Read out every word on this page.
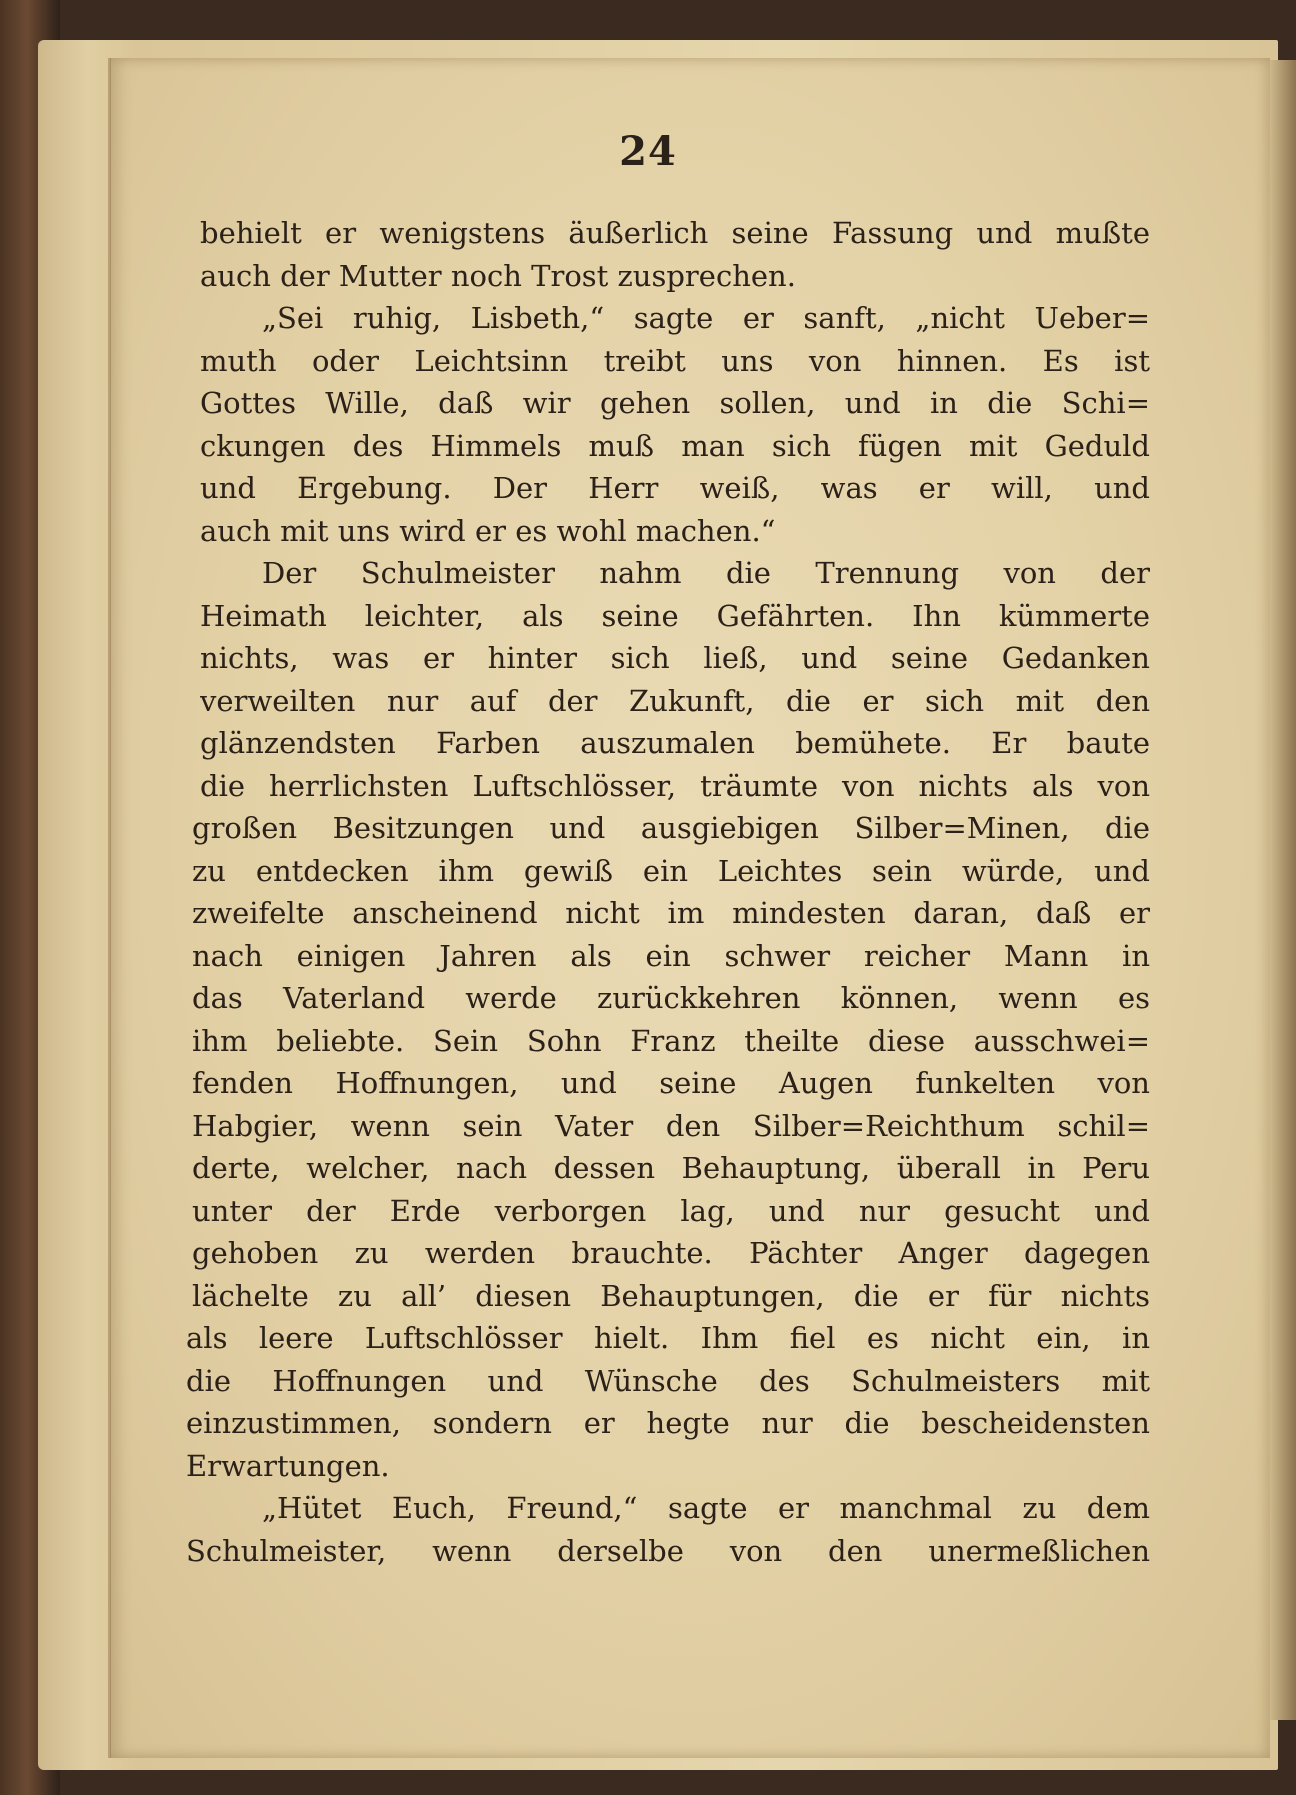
24
behielt er wenigstens äußerlich seine Fassung und mußte
auch der Mutter noch Trost zusprechen.
„Sei ruhig, Lisbeth,“ sagte er sanft, „nicht Ueber=
muth oder Leichtsinn treibt uns von hinnen. Es ist
Gottes Wille, daß wir gehen sollen, und in die Schi=
ckungen des Himmels muß man sich fügen mit Geduld
und Ergebung. Der Herr weiß, was er will, und
auch mit uns wird er es wohl machen.“
Der Schulmeister nahm die Trennung von der
Heimath leichter, als seine Gefährten. Ihn kümmerte
nichts, was er hinter sich ließ, und seine Gedanken
verweilten nur auf der Zukunft, die er sich mit den
glänzendsten Farben auszumalen bemühete. Er baute
die herrlichsten Luftschlösser, träumte von nichts als von
großen Besitzungen und ausgiebigen Silber=Minen, die
zu entdecken ihm gewiß ein Leichtes sein würde, und
zweifelte anscheinend nicht im mindesten daran, daß er
nach einigen Jahren als ein schwer reicher Mann in
das Vaterland werde zurückkehren können, wenn es
ihm beliebte. Sein Sohn Franz theilte diese ausschwei=
fenden Hoffnungen, und seine Augen funkelten von
Habgier, wenn sein Vater den Silber=Reichthum schil=
derte, welcher, nach dessen Behauptung, überall in Peru
unter der Erde verborgen lag, und nur gesucht und
gehoben zu werden brauchte. Pächter Anger dagegen
lächelte zu all’ diesen Behauptungen, die er für nichts
als leere Luftschlösser hielt. Ihm fiel es nicht ein, in
die Hoffnungen und Wünsche des Schulmeisters mit
einzustimmen, sondern er hegte nur die bescheidensten
Erwartungen.
„Hütet Euch, Freund,“ sagte er manchmal zu dem
Schulmeister, wenn derselbe von den unermeßlichen
